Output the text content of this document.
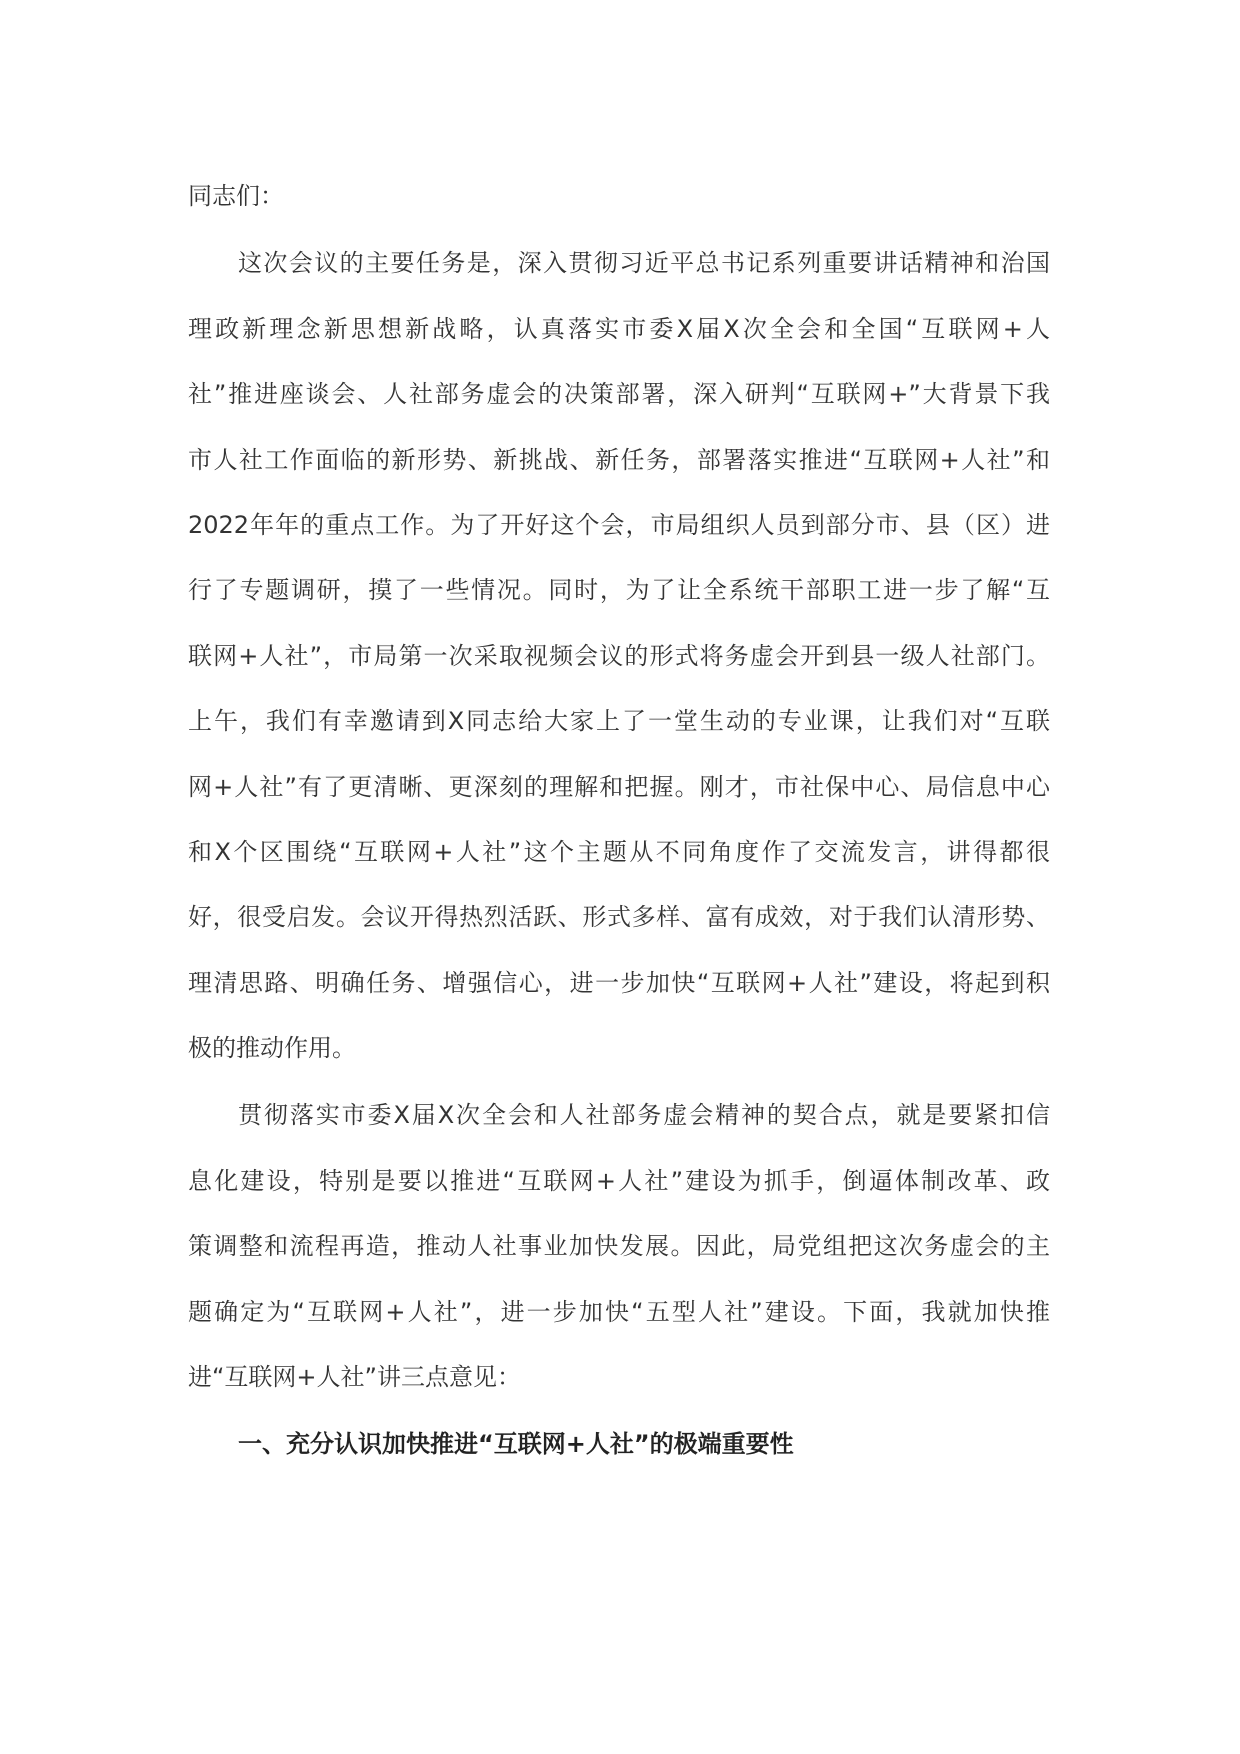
同志们：
这次会议的主要任务是，深入贯彻习近平总书记系列重要讲话精神和治国
理政新理念新思想新战略，认真落实市委X届X次全会和全国“互联网+人
社”推进座谈会、人社部务虚会的决策部署，深入研判“互联网+”大背景下我
市人社工作面临的新形势、新挑战、新任务，部署落实推进“互联网+人社”和
2022年年的重点工作。为了开好这个会，市局组织人员到部分市、县（区）进
行了专题调研，摸了一些情况。同时，为了让全系统干部职工进一步了解“互
联网+人社”，市局第一次采取视频会议的形式将务虚会开到县一级人社部门。
上午，我们有幸邀请到X同志给大家上了一堂生动的专业课，让我们对“互联
网+人社”有了更清晰、更深刻的理解和把握。刚才，市社保中心、局信息中心
和X个区围绕“互联网+人社”这个主题从不同角度作了交流发言，讲得都很
好，很受启发。会议开得热烈活跃、形式多样、富有成效，对于我们认清形势、
理清思路、明确任务、增强信心，进一步加快“互联网+人社”建设，将起到积
极的推动作用。
贯彻落实市委X届X次全会和人社部务虚会精神的契合点，就是要紧扣信
息化建设，特别是要以推进“互联网+人社”建设为抓手，倒逼体制改革、政
策调整和流程再造，推动人社事业加快发展。因此，局党组把这次务虚会的主
题确定为“互联网+人社”，进一步加快“五型人社”建设。下面，我就加快推
进“互联网+人社”讲三点意见：
一、充分认识加快推进“互联网+人社”的极端重要性
